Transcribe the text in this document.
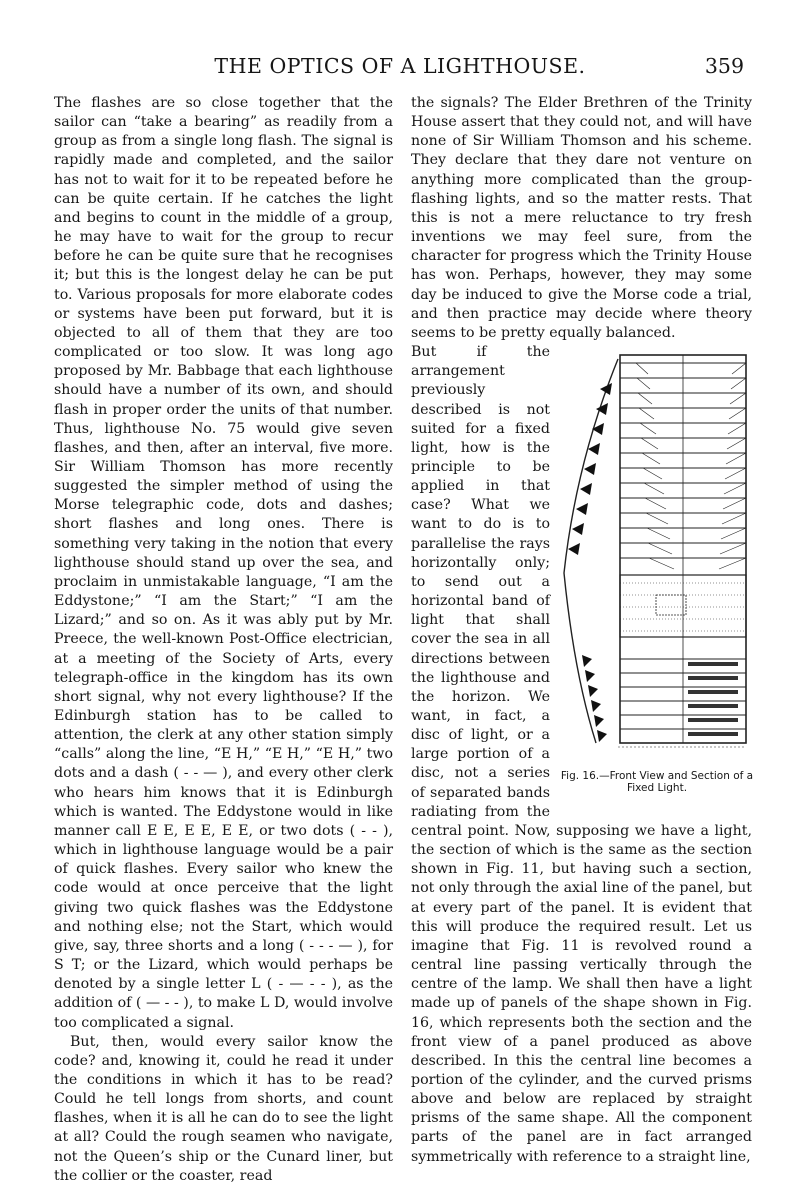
THE OPTICS OF A LIGHTHOUSE.	359

The flashes are so close together that the sailor can “take a bearing” as readily from a group as from a single long flash. The signal is rapidly made and completed, and the sailor has not to wait for it to be repeated before he can be quite certain. If he catches the light and begins to count in the middle of a group, he may have to wait for the group to recur before he can be quite sure that he recognises it; but this is the longest delay he can be put to. Various proposals for more elaborate codes or systems have been put forward, but it is objected to all of them that they are too complicated or too slow. It was long ago proposed by Mr. Babbage that each lighthouse should have a number of its own, and should flash in proper order the units of that number. Thus, lighthouse No. 75 would give seven flashes, and then, after an interval, five more. Sir William Thomson has more recently suggested the simpler method of using the Morse telegraphic code, dots and dashes; short flashes and long ones. There is something very taking in the notion that every lighthouse should stand up over the sea, and proclaim in unmistakable language, “I am the Eddystone;” “I am the Start;” “I am the Lizard;” and so on. As it was ably put by Mr. Preece, the well-known Post-Office electrician, at a meeting of the Society of Arts, every telegraph-office in the kingdom has its own short signal, why not every lighthouse? If the Edinburgh station has to be called to attention, the clerk at any other station simply “calls” along the line, “E H,” “E H,” “E H,” two dots and a dash ( - - — ), and every other clerk who hears him knows that it is Edinburgh which is wanted. The Eddystone would in like manner call E E, E E, E E, or two dots ( - - ), which in lighthouse language would be a pair of quick flashes. Every sailor who knew the code would at once perceive that the light giving two quick flashes was the Eddystone and nothing else; not the Start, which would give, say, three shorts and a long ( - - - — ), for S T; or the Lizard, which would perhaps be denoted by a single letter L ( - — - - ), as the addition of ( — - - ), to make L D, would involve too complicated a signal.

But, then, would every sailor know the code? and, knowing it, could he read it under the conditions in which it has to be read? Could he tell longs from shorts, and count flashes, when it is all he can do to see the light at all? Could the rough seamen who navigate, not the Queen’s ship or the Cunard liner, but the collier or the coaster, read

the signals? The Elder Brethren of the Trinity House assert that they could not, and will have none of Sir William Thomson and his scheme. They declare that they dare not venture on anything more complicated than the group-flashing lights, and so the matter rests. That this is not a mere reluctance to try fresh inventions we may feel sure, from the character for progress which the Trinity House has won. Perhaps, however, they may some day be induced to give the Morse code a trial, and then practice may decide where theory seems to be pretty equally balanced.

Fig. 16.—Front View and Section of a Fixed Light.

But if the arrangement previously described is not suited for a fixed light, how is the principle to be applied in that case? What we want to do is to parallelise the rays horizontally only; to send out a horizontal band of light that shall cover the sea in all directions between the lighthouse and the horizon. We want, in fact, a disc of light, or a large portion of a disc, not a series of separated bands radiating from the central point. Now, supposing we have a light, the section of which is the same as the section shown in Fig. 11, but having such a section, not only through the axial line of the panel, but at every part of the panel. It is evident that this will produce the required result. Let us imagine that Fig. 11 is revolved round a central line passing vertically through the centre of the lamp. We shall then have a light made up of panels of the shape shown in Fig. 16, which represents both the section and the front view of a panel produced as above described. In this the central line becomes a portion of the cylinder, and the curved prisms above and below are replaced by straight prisms of the same shape. All the component parts of the panel are in fact arranged symmetrically with reference to a straight line,
